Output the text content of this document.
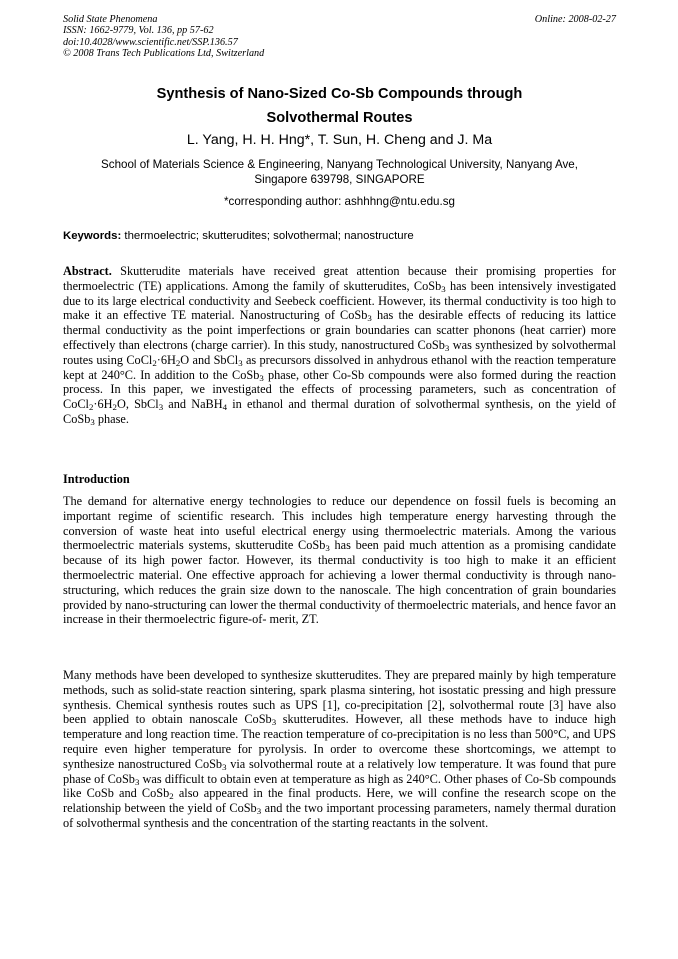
Solid State Phenomena
ISSN: 1662-9779, Vol. 136, pp 57-62
doi:10.4028/www.scientific.net/SSP.136.57
© 2008 Trans Tech Publications Ltd, Switzerland
Online: 2008-02-27
Synthesis of Nano-Sized Co-Sb Compounds through
Solvothermal Routes
L. Yang, H. H. Hng*, T. Sun, H. Cheng and J. Ma
School of Materials Science & Engineering, Nanyang Technological University, Nanyang Ave,
Singapore 639798, SINGAPORE
*corresponding author: ashhhng@ntu.edu.sg
Keywords: thermoelectric; skutterudites; solvothermal; nanostructure
Abstract. Skutterudite materials have received great attention because their promising properties for thermoelectric (TE) applications. Among the family of skutterudites, CoSb$_3$ has been intensively investigated due to its large electrical conductivity and Seebeck coefficient. However, its thermal conductivity is too high to make it an effective TE material. Nanostructuring of CoSb$_3$ has the desirable effects of reducing its lattice thermal conductivity as the point imperfections or grain boundaries can scatter phonons (heat carrier) more effectively than electrons (charge carrier). In this study, nanostructured CoSb$_3$ was synthesized by solvothermal routes using $CoCl_2\cdot 6H_2O$ and SbCl$_3$ as precursors dissolved in anhydrous ethanol with the reaction temperature kept at 240°C. In addition to the CoSb$_3$ phase, other Co-Sb compounds were also formed during the reaction process. In this paper, we investigated the effects of processing parameters, such as concentration of $CoCl_2\cdot 6H_2O$, SbCl$_3$ and NaBH$_4$ in ethanol and thermal duration of solvothermal synthesis, on the yield of CoSb$_3$ phase.
Introduction
The demand for alternative energy technologies to reduce our dependence on fossil fuels is becoming an important regime of scientific research. This includes high temperature energy harvesting through the conversion of waste heat into useful electrical energy using thermoelectric materials. Among the various thermoelectric materials systems, skutterudite CoSb$_3$ has been paid much attention as a promising candidate because of its high power factor. However, its thermal conductivity is too high to make it an efficient thermoelectric material. One effective approach for achieving a lower thermal conductivity is through nano-structuring, which reduces the grain size down to the nanoscale. The high concentration of grain boundaries provided by nano-structuring can lower the thermal conductivity of thermoelectric materials, and hence favor an increase in their thermoelectric figure-of- merit, ZT.
Many methods have been developed to synthesize skutterudites. They are prepared mainly by high temperature methods, such as solid-state reaction sintering, spark plasma sintering, hot isostatic pressing and high pressure synthesis. Chemical synthesis routes such as UPS [1], co-precipitation [2], solvothermal route [3] have also been applied to obtain nanoscale CoSb$_3$ skutterudites. However, all these methods have to induce high temperature and long reaction time. The reaction temperature of co-precipitation is no less than 500°C, and UPS require even higher temperature for pyrolysis. In order to overcome these shortcomings, we attempt to synthesize nanostructured CoSb$_3$ via solvothermal route at a relatively low temperature. It was found that pure phase of CoSb$_3$ was difficult to obtain even at temperature as high as 240°C. Other phases of Co-Sb compounds like CoSb and CoSb$_2$ also appeared in the final products. Here, we will confine the research scope on the relationship between the yield of CoSb$_3$ and the two important processing parameters, namely thermal duration of solvothermal synthesis and the concentration of the starting reactants in the solvent.
